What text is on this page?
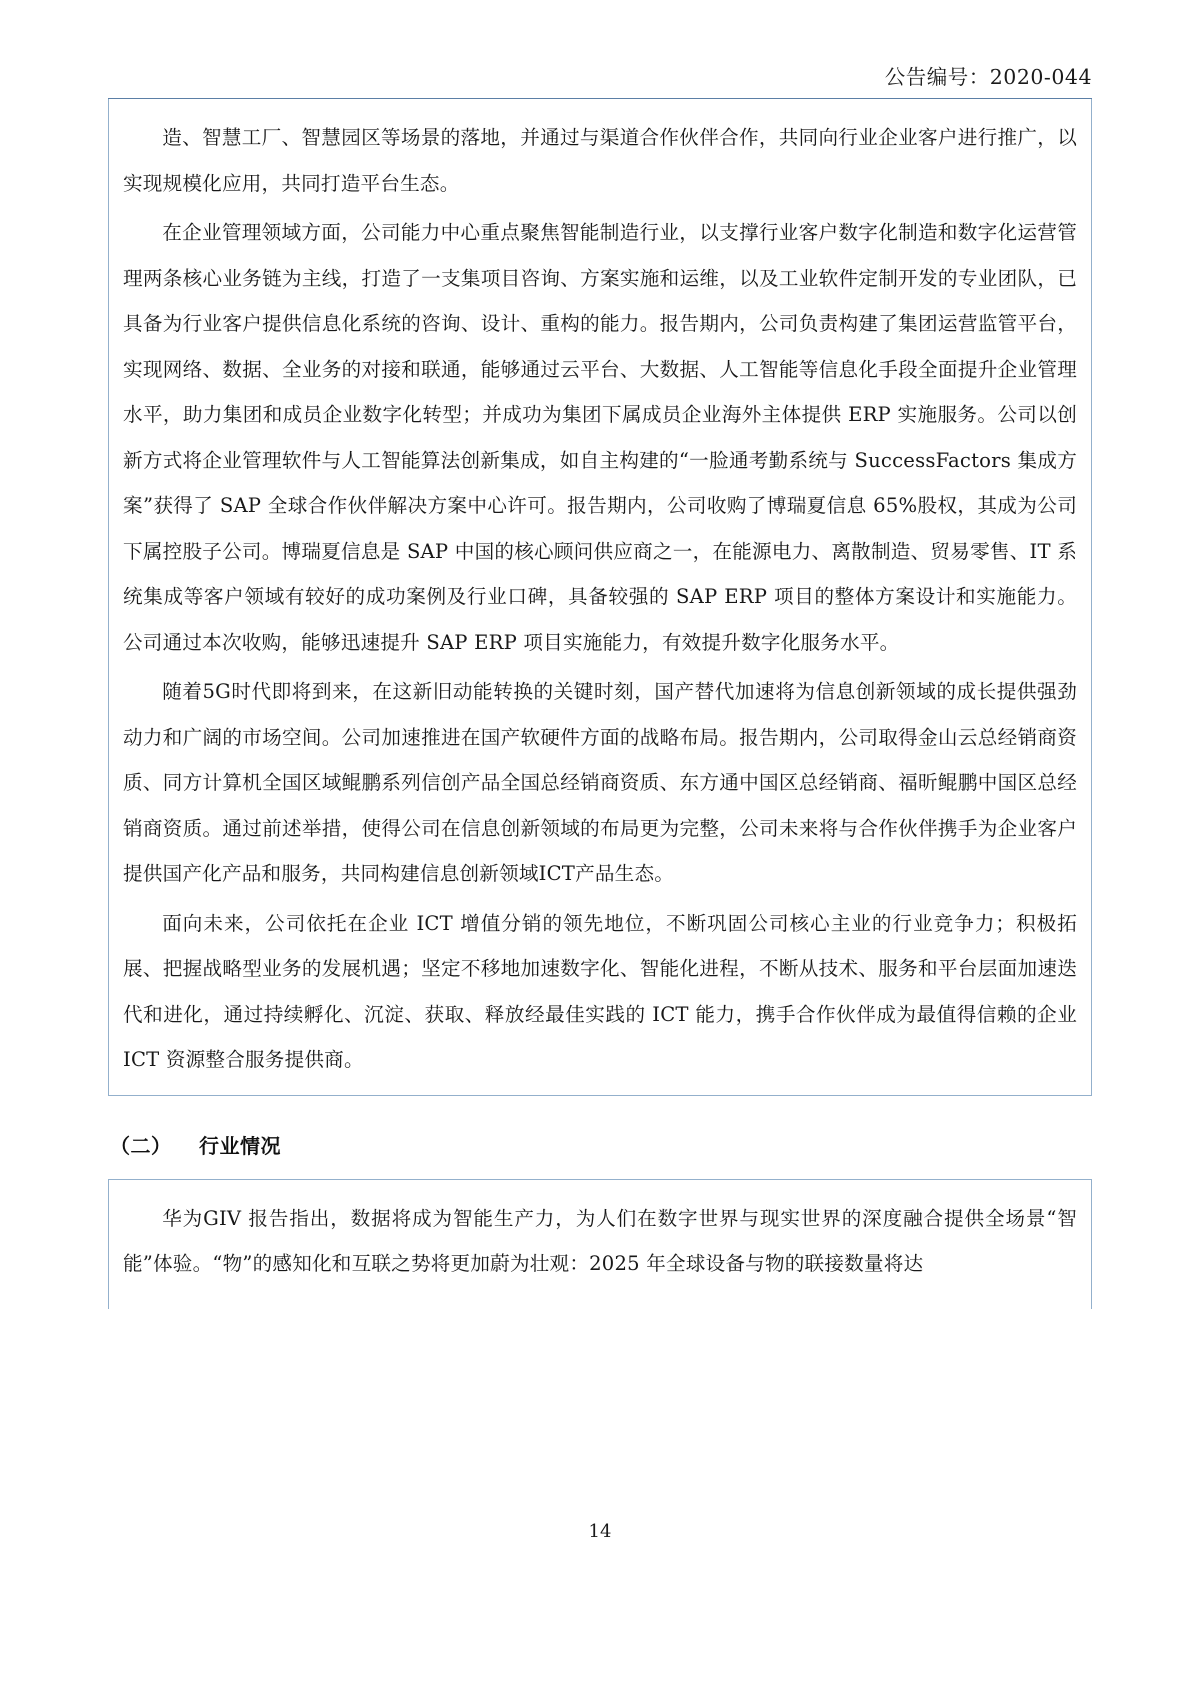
公告编号：2020-044

造、智慧工厂、智慧园区等场景的落地，并通过与渠道合作伙伴合作，共同向行业企业客户进行推广，以实现规模化应用，共同打造平台生态。

在企业管理领域方面，公司能力中心重点聚焦智能制造行业，以支撑行业客户数字化制造和数字化运营管理两条核心业务链为主线，打造了一支集项目咨询、方案实施和运维，以及工业软件定制开发的专业团队，已具备为行业客户提供信息化系统的咨询、设计、重构的能力。报告期内，公司负责构建了集团运营监管平台，实现网络、数据、全业务的对接和联通，能够通过云平台、大数据、人工智能等信息化手段全面提升企业管理水平，助力集团和成员企业数字化转型；并成功为集团下属成员企业海外主体提供 ERP 实施服务。公司以创新方式将企业管理软件与人工智能算法创新集成，如自主构建的“一脸通考勤系统与 SuccessFactors 集成方案”获得了 SAP 全球合作伙伴解决方案中心许可。报告期内，公司收购了博瑞夏信息 65%股权，其成为公司下属控股子公司。博瑞夏信息是 SAP 中国的核心顾问供应商之一，在能源电力、离散制造、贸易零售、IT 系统集成等客户领域有较好的成功案例及行业口碑，具备较强的 SAP ERP 项目的整体方案设计和实施能力。公司通过本次收购，能够迅速提升 SAP ERP 项目实施能力，有效提升数字化服务水平。

随着5G时代即将到来，在这新旧动能转换的关键时刻，国产替代加速将为信息创新领域的成长提供强劲动力和广阔的市场空间。公司加速推进在国产软硬件方面的战略布局。报告期内，公司取得金山云总经销商资质、同方计算机全国区域鲲鹏系列信创产品全国总经销商资质、东方通中国区总经销商、福昕鲲鹏中国区总经销商资质。通过前述举措，使得公司在信息创新领域的布局更为完整，公司未来将与合作伙伴携手为企业客户提供国产化产品和服务，共同构建信息创新领域ICT产品生态。

面向未来，公司依托在企业 ICT 增值分销的领先地位，不断巩固公司核心主业的行业竞争力；积极拓展、把握战略型业务的发展机遇；坚定不移地加速数字化、智能化进程，不断从技术、服务和平台层面加速迭代和进化，通过持续孵化、沉淀、获取、释放经最佳实践的 ICT 能力，携手合作伙伴成为最值得信赖的企业 ICT 资源整合服务提供商。

（二） 行业情况

华为GIV 报告指出，数据将成为智能生产力，为人们在数字世界与现实世界的深度融合提供全场景“智能”体验。“物”的感知化和互联之势将更加蔚为壮观：2025 年全球设备与物的联接数量将达

14
